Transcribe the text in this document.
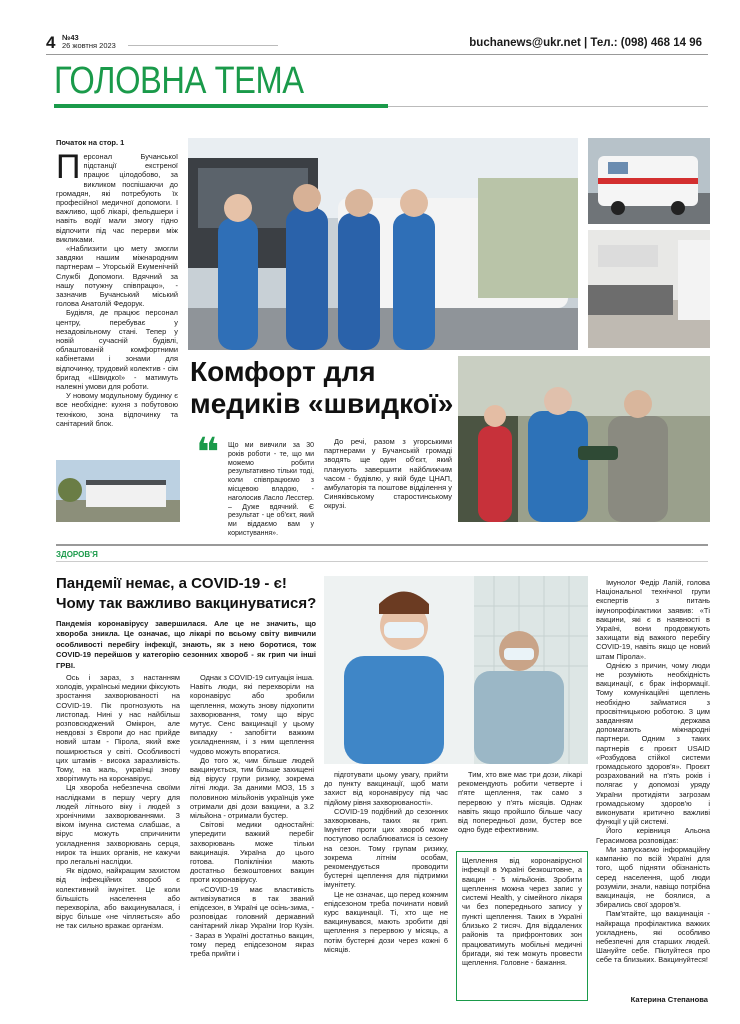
4 №43
26 жовтня 2023	buchanews@ukr.net | Тел.: (098) 468 14 96
ГОЛОВНА ТЕМА
Початок на стор. 1

Персонал Бучанської підстанції екстреної працює цілодобово, за викликом поспішаючи до громадян, які потребують їх професійної медичної допомоги. І важливо, щоб лікарі, фельдшери і навіть водії мали змогу гідно відпочити під час перерви між викликами.

«Наблизити цю мету змогли завдяки нашим міжнародним партнерам – Угорській Екуменічній Службі Допомоги. Вдячний за нашу потужну співпрацю», - зазначив Бучанський міський голова Анатолій Федорук.

Будівля, де працює персонал центру, перебуває у незадовільному стані. Тепер у новій сучасній будівлі, облаштованій комфортними кабінетами і зонами для відпочинку, трудовий колектив - сім бригад «Швидкої» - матимуть належні умови для роботи.

У новому модульному будинку є все необхідне: кухня з побутовою технікою, зона відпочинку та санітарний блок.

Комфорт для
медиків «швидкої»
❝ Що ми вивчили за 30 років роботи - те, що ми можемо робити результативно тільки тоді, коли співпрацюємо з місцевою владою, - наголосив Ласло Лесстер. – Дуже вдячний. Є результат - це об'єкт, який ми віддаємо вам у користування».

До речі, разом з угорськими партнерами у Бучанській громаді зводять ще один об'єкт, який планують завершити найближчим часом - будівлю, у якій буде ЦНАП, амбулаторія та поштове відділення у Синяківському старостинському окрузі.

ЗДОРОВ'Я
Пандемії немає, а COVID-19 - є!
Чому так важливо вакцинуватися?
Пандемія коронавірусу завершилася. Але це не значить, що хвороба зникла. Це означає, що лікарі по всьому світу вивчили особливості перебігу інфекції, знають, як з нею боротися, тож COVID-19 перейшов у категорію сезонних хвороб - як грип чи інші ГРВІ.

Ось і зараз, з настанням холодів, українські медики фіксують зростання захворюваності на COVID-19. Пік прогнозують на листопад. Нині у нас найбільш розповсюджений Омікрон, але невдовзі з Європи до нас прийде новий штам - Пірола, який вже поширюється у світі. Особливості цих штамів - висока заразливість. Тому, на жаль, українці знову хворітимуть на коронавірус.

Ця хвороба небезпечна своїми наслідками в першу чергу для людей літнього віку і людей з хронічними захворюваннями. З віком імунна система слабшає, а вірус можуть спричинити ускладнення захворювань серця, нирок та інших органів, не кажучи про легальні наслідки.

Як відомо, найкращим захистом від інфекційних хвороб є колективний імунітет. Це коли більшість населення або перехворіла, або вакцинувалася, і вірус більше «не чіпляється» або не так сильно вражає організм.

Однак з COVID-19 ситуація інша. Навіть люди, які перехворіли на коронавірус або зробили щеплення, можуть знову підхопити захворювання, тому що вірус мутує. Сенс вакцинації у цьому випадку - запобігти важким ускладненням, і з ним щеплення чудово можуть впоратися.

До того ж, чим більше людей вакцинується, тим більше захищені від вірусу групи ризику, зокрема літні люди. За даними МОЗ, 15 з половиною мільйонів українців уже отримали дві дози вакцини, а 3.2 мільйона - отримали бустер.

Світові медики одностайні: упередити важкий перебіг захворювань може тільки вакцинація. Україна до цього готова. Поліклініки мають достатньо безкоштовних вакцин проти коронавірусу.

«COVID-19 має властивість активізуватися в так званий епідсезон, в Україні це осінь-зима, - розповідає головний державний санітарний лікар України Ігор Кузін. - Зараз в Україні достатньо вакцин, тому перед епідсезоном якраз треба прийти і

підготувати цьому увагу, прийти до пункту вакцинації, щоб мати захист від коронавірусу під час підйому рівня захворюваності».

COVID-19 подібний до сезонних захворювань, таких як грип. Імунітет проти цих хвороб може поступово ослаблюватися із сезону на сезон. Тому групам ризику, зокрема літнім особам, рекомендується проводити бустерні щеплення для підтримки імунітету.

Це не означає, що перед кожним епідсезоном треба починати новий курс вакцинації. Ті, хто ще не вакцинувався, мають зробити дві щеплення з перервою у місяць, а потім бустерні дози через кожні 6 місяців.

Тим, хто вже має три дози, лікарі рекомендують робити четверте і п'яте щеплення, так само з перервою у п'ять місяців. Однак навіть якщо пройшло більше часу від попередньої дози, бустер все одно буде ефективним.

Щеплення від коронавірусної інфекції в Україні безкоштовне, а вакцин - 5 мільйонів. Зробити щеплення можна через запис у системі Health, у сімейного лікаря чи без попереднього запису у пункті щеплення. Таких в Україні близько 2 тисяч. Для віддалених районів та прифронтових зон працюватимуть мобільні медичні бригади, які теж можуть провести щеплення. Головне - бажання.

Імунолог Федір Лапій, голова Національної технічної групи експертів з питань імунопрофілактики заявив: «Ті вакцини, які є в наявності в Україні, вони продовжують захищати від важкого перебігу COVID-19, навіть якщо це новий штам Пірола».

Однією з причин, чому люди не розуміють необхідність вакцинації, є брак інформації. Тому комунікаційні щеплень необхідно займатися з просвітницькою роботою. З цим завданням держава допомагають міжнародні партнери. Одним з таких партнерів є проєкт USAID «Розбудова стійкої системи громадського здоров'я». Проєкт розрахований на п'ять років і полягає у допомозі уряду України протидіяти загрозам громадському здоров'ю і виконувати критично важливі функції у цій системі.

Його керівниця Альона Герасимова розповідає:

Ми запускаємо інформаційну кампанію по всій Україні для того, щоб підняти обізнаність серед населення, щоб люди розуміли, знали, навіщо потрібна вакцинація, не боялися, а збирались свої здоров'я.

Пам'ятайте, що вакцинація - найкраща профілактика важких ускладнень, які особливо небезпечні для старших людей. Шануйте себе. Піклуйтеся про себе та близьких. Вакцинуйтеся!

Катерина Степанова
